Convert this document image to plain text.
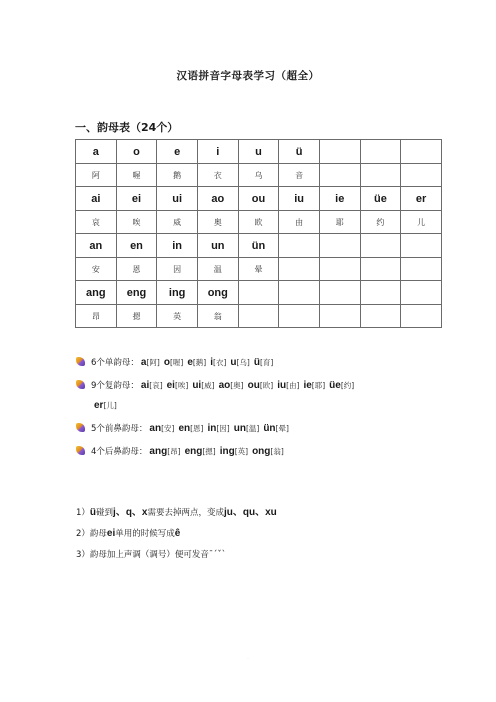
汉语拼音字母表学习（超全）
一、韵母表（24个）
a	o	e	i	u	ü			
阿	喔	鹅	衣	乌	音			
ai	ei	ui	ao	ou	iu	ie	üe	er
哀	唉	威	奥	欧	由	耶	约	儿
an	en	in	un	ün				
安	恩	因	温	晕				
ang	eng	ing	ong					
昂	摁	英	翁					
6个单韵母： a[阿] o[喔] e[鹅] i[衣] u[乌] ü[育]
9个复韵母： ai[哀] ei[唉] ui[威] ao[奥] ou[欧] iu[由] ie[耶] üe[约]
er[儿]
5个前鼻韵母： an[安] en[恩] in[因] un[温] ün[晕]
4个后鼻韵母： ang[昂] eng[摁] ing[英] ong[翁]
1）ü碰到j、q、x需要去掉两点，变成ju、qu、xu
2）韵母ei单用的时候写成ê
3）韵母加上声调（调号）便可发音ˉˊˇˋ
·
